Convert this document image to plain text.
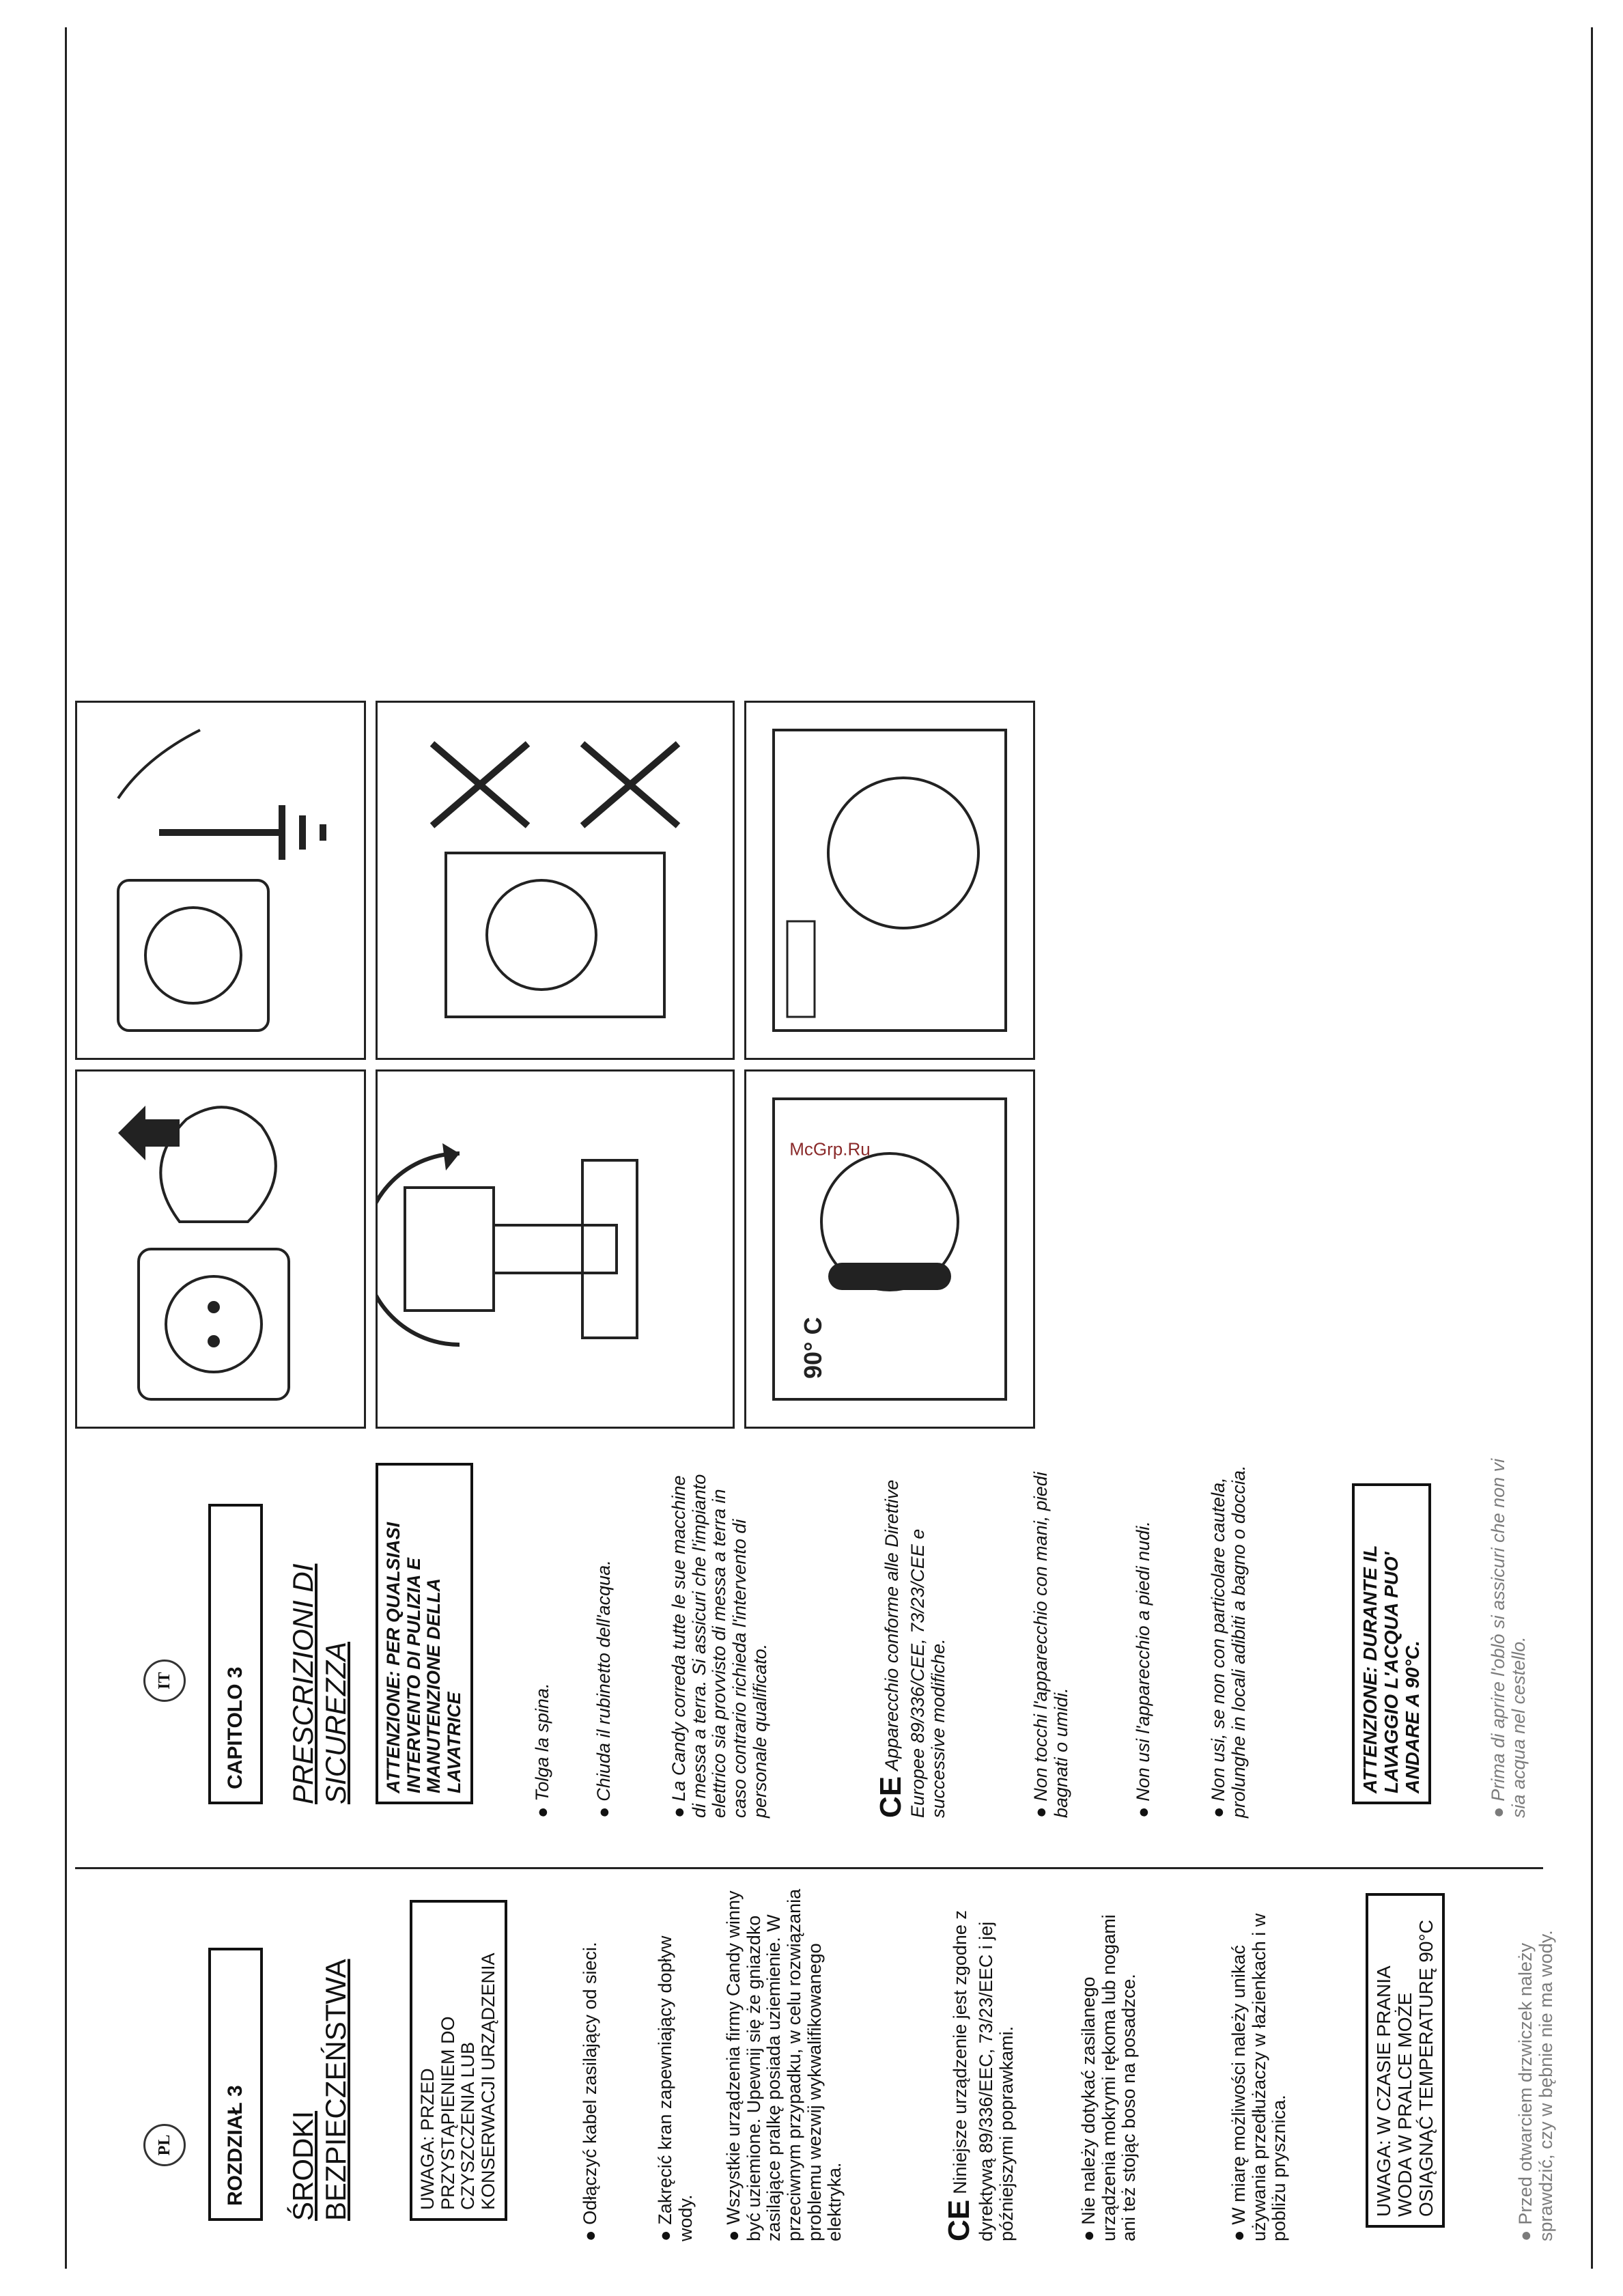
PL	ROZDZIAŁ 3	ŚRODKI BEZPIECZEŃSTWA	UWAGA: PRZED PRZYSTĄPIENIEM DO CZYSZCZENIA LUB KONSERWACJI URZĄDZENIA	● Odłączyć kabel zasilający od sieci.	● Zakręcić kran zapewniający dopływ wody. ● Wszystkie urządzenia firmy Candy winny być uziemione. Upewnij się że gniazdko zasilające pralkę posiada uziemienie. W przeciwnym przypadku, w celu rozwiązania problemu wezwij wykwalifikowanego elektryka.	CENiniejsze urządzenie jest zgodne z dyrektywą 89/336/EEC, 73/23/EEC i jej późniejszymi poprawkami.	● Nie należy dotykać zasilanego urządzenia mokrymi rękoma lub nogami ani też stojąc boso na posadzce.	● W miarę możliwości należy unikać używania przedłużaczy w łazienkach i w pobliżu prysznica.	UWAGA: W CZASIE PRANIA WODA W PRALCE MOŻE OSIĄGNĄĆ TEMPERATURĘ 90°C	● Przed otwarciem drzwiczek należy sprawdzić, czy w bębnie nie ma wody.
IT	CAPITOLO 3	PRESCRIZIONI DI SICUREZZA	ATTENZIONE: PER QUALSIASI INTERVENTO DI PULIZIA E MANUTENZIONE DELLA LAVATRICE	● Tolga la spina. ● Chiuda il rubinetto dell'acqua.	● La Candy correda tutte le sue macchine di messa a terra. Si assicuri che l'impianto elettrico sia provvisto di messa a terra in caso contrario richieda l'intervento di personale qualificato.	CEApparecchio conforme alle Direttive Europee 89/336/CEE, 73/23/CEE e successive modifiche.	● Non tocchi l'apparecchio con mani, piedi bagnati o umidi.	● Non usi l'apparecchio a piedi nudi.	● Non usi, se non con particolare cautela, prolunghe in locali adibiti a bagno o doccia.	ATTENZIONE: DURANTE IL LAVAGGIO L'ACQUA PUO' ANDARE A 90°C.	● Prima di aprire l'oblò si assicuri che non vi sia acqua nel cestello.
90° C
McGrp.Ru
